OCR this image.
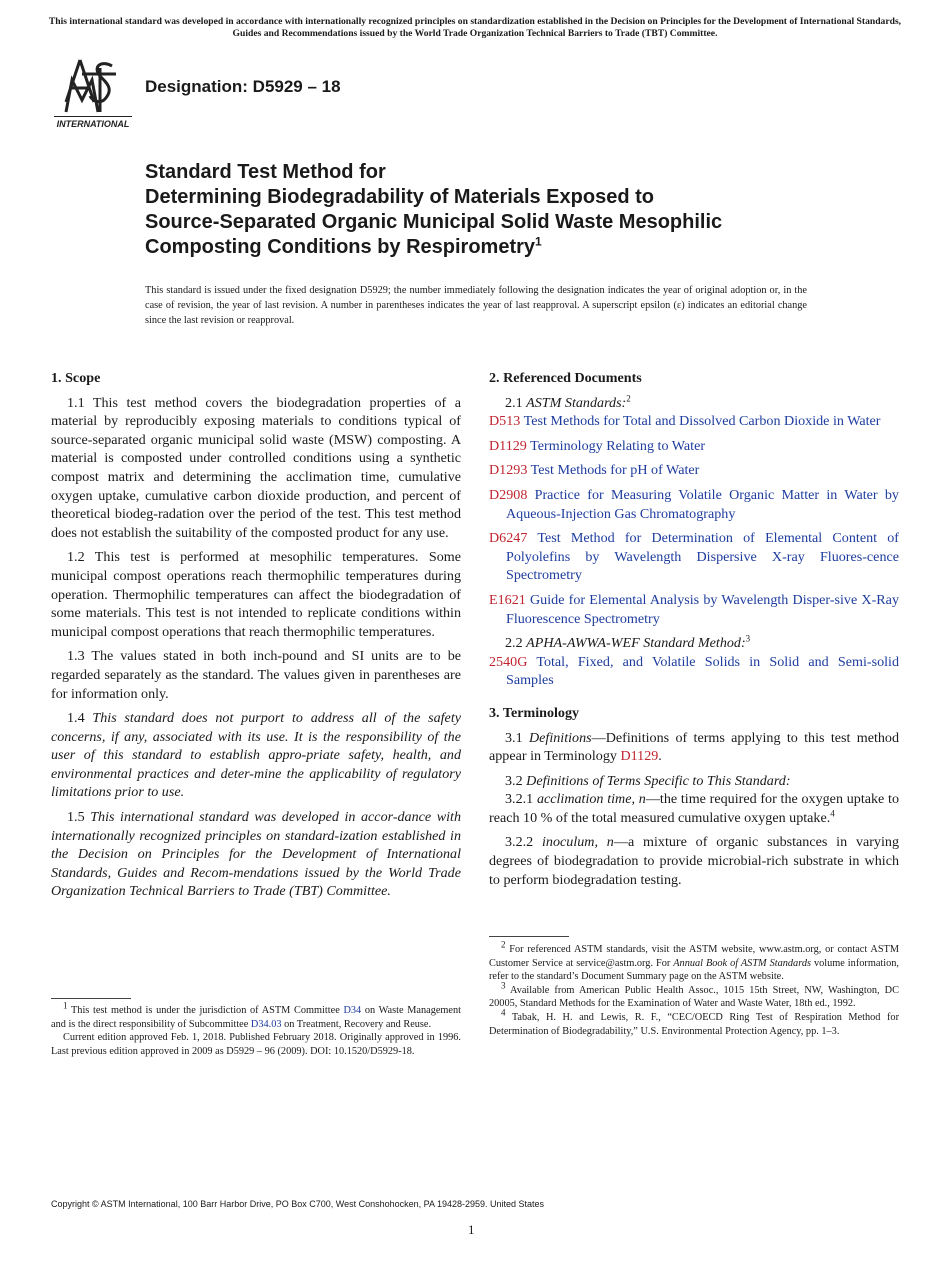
This international standard was developed in accordance with internationally recognized principles on standardization established in the Decision on Principles for the Development of International Standards, Guides and Recommendations issued by the World Trade Organization Technical Barriers to Trade (TBT) Committee.
INTERNATIONAL
Designation: D5929 – 18
Standard Test Method for
Determining Biodegradability of Materials Exposed to
Source-Separated Organic Municipal Solid Waste Mesophilic
Composting Conditions by Respirometry$^1$
This standard is issued under the fixed designation D5929; the number immediately following the designation indicates the year of original adoption or, in the case of revision, the year of last revision. A number in parentheses indicates the year of last reapproval. A superscript epsilon (ε) indicates an editorial change since the last revision or reapproval.
1. Scope

1.1 This test method covers the biodegradation properties of a material by reproducibly exposing materials to conditions typical of source-separated organic municipal solid waste (MSW) composting. A material is composted under controlled conditions using a synthetic compost matrix and determining the acclimation time, cumulative oxygen uptake, cumulative carbon dioxide production, and percent of theoretical biodeg-radation over the period of the test. This test method does not establish the suitability of the composted product for any use.

1.2 This test is performed at mesophilic temperatures. Some municipal compost operations reach thermophilic temperatures during operation. Thermophilic temperatures can affect the biodegradation of some materials. This test is not intended to replicate conditions within municipal compost operations that reach thermophilic temperatures.

1.3 The values stated in both inch-pound and SI units are to be regarded separately as the standard. The values given in parentheses are for information only.

1.4 This standard does not purport to address all of the safety concerns, if any, associated with its use. It is the responsibility of the user of this standard to establish appro-priate safety, health, and environmental practices and deter-mine the applicability of regulatory limitations prior to use.

1.5 This international standard was developed in accor-dance with internationally recognized principles on standard-ization established in the Decision on Principles for the Development of International Standards, Guides and Recom-mendations issued by the World Trade Organization Technical Barriers to Trade (TBT) Committee.

$^1$ This test method is under the jurisdiction of ASTM Committee D34 on Waste Management and is the direct responsibility of Subcommittee D34.03 on Treatment, Recovery and Reuse.

Current edition approved Feb. 1, 2018. Published February 2018. Originally approved in 1996. Last previous edition approved in 2009 as D5929 – 96 (2009). DOI: 10.1520/D5929-18.

2. Referenced Documents

2.1 ASTM Standards:$^2$

D513 Test Methods for Total and Dissolved Carbon Dioxide in Water

D1129 Terminology Relating to Water

D1293 Test Methods for pH of Water

D2908 Practice for Measuring Volatile Organic Matter in Water by Aqueous-Injection Gas Chromatography

D6247 Test Method for Determination of Elemental Content of Polyolefins by Wavelength Dispersive X-ray Fluores-cence Spectrometry

E1621 Guide for Elemental Analysis by Wavelength Disper-sive X-Ray Fluorescence Spectrometry

2.2 APHA-AWWA-WEF Standard Method:$^3$

2540G Total, Fixed, and Volatile Solids in Solid and Semi-solid Samples

3. Terminology

3.1 Definitions—Definitions of terms applying to this test method appear in Terminology D1129.

3.2 Definitions of Terms Specific to This Standard:

3.2.1 acclimation time, n—the time required for the oxygen uptake to reach 10 % of the total measured cumulative oxygen uptake.$^4$

3.2.2 inoculum, n—a mixture of organic substances in varying degrees of biodegradation to provide microbial-rich substrate in which to perform biodegradation testing.

$^2$ For referenced ASTM standards, visit the ASTM website, www.astm.org, or contact ASTM Customer Service at service@astm.org. For Annual Book of ASTM Standards volume information, refer to the standard’s Document Summary page on the ASTM website.

$^3$ Available from American Public Health Assoc., 1015 15th Street, NW, Washington, DC 20005, Standard Methods for the Examination of Water and Waste Water, 18th ed., 1992.

$^4$ Tabak, H. H. and Lewis, R. F., “CEC/OECD Ring Test of Respiration Method for Determination of Biodegradability,” U.S. Environmental Protection Agency, pp. 1–3.

Copyright © ASTM International, 100 Barr Harbor Drive, PO Box C700, West Conshohocken, PA 19428-2959. United States
1
